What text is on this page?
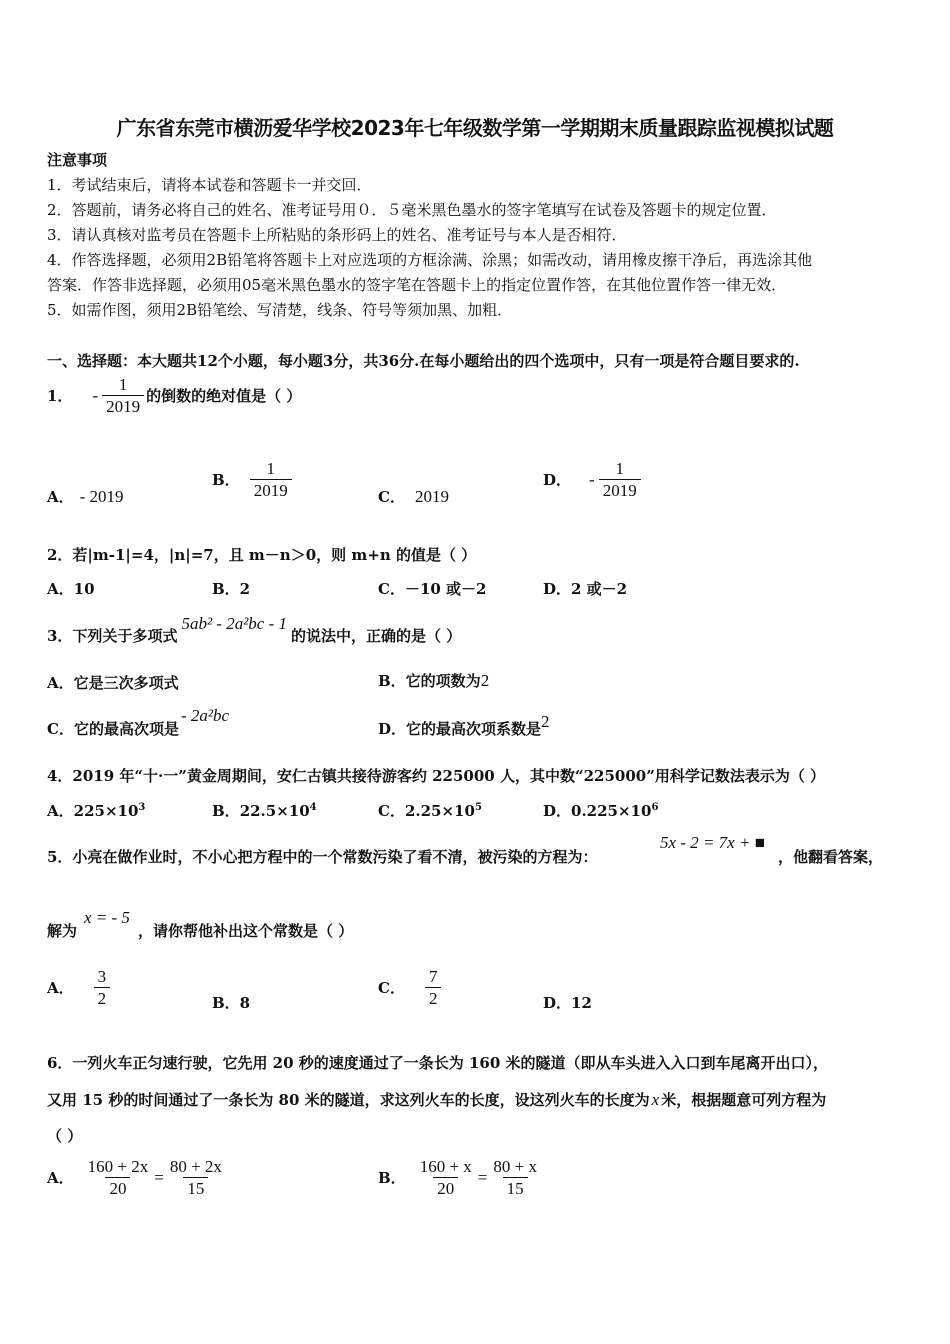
广东省东莞市横沥爱华学校2023年七年级数学第一学期期末质量跟踪监视模拟试题
注意事项
1．考试结束后，请将本试卷和答题卡一并交回．
2．答题前，请务必将自己的姓名、准考证号用０．５毫米黑色墨水的签字笔填写在试卷及答题卡的规定位置．
3．请认真核对监考员在答题卡上所粘贴的条形码上的姓名、准考证号与本人是否相符．
4．作答选择题，必须用2B铅笔将答题卡上对应选项的方框涂满、涂黑；如需改动，请用橡皮擦干净后，再选涂其他
答案．作答非选择题，必须用05毫米黑色墨水的签字笔在答题卡上的指定位置作答，在其他位置作答一律无效．
5．如需作图，须用2B铅笔绘、写清楚，线条、符号等须加黑、加粗．
一、选择题：本大题共12个小题，每小题3分，共36分.在每小题给出的四个选项中，只有一项是符合题目要求的.
1． - $\frac{1}{2019}$ 的倒数的绝对值是（ ）
A． - 2019
B． $\frac{1}{2019}$	C． 2019
D． - $\frac{1}{2019}$
2．若|m-1|=4，|n|=7，且 m－n＞0，则 m+n 的值是（ ）
A．10	B．2	C．－10 或－2	D．2 或－2
3．下列关于多项式
5ab² - 2a²bc - 1
的说法中，正确的是（ ）
A．它是三次多项式	B．它的项数为2
C．它的最高次项是
- 2a²bc
D．它的最高次项系数是 2
4．2019 年“十·一”黄金周期间，安仁古镇共接待游客约 225000 人，其中数“225000”用科学记数法表示为（ ）
A．$225\times 10^3$	B．$22.5\times 10^4$	C．$2.25\times 10^5$	D．$0.225\times 10^6$
5．小亮在做作业时，不小心把方程中的一个常数污染了看不清，被污染的方程为：
5x - 2 = 7x + ■
，他翻看答案，
解为
x = - 5
，请你帮他补出这个常数是（ ）
A． $\frac{3}{2}$	B．8
C． $\frac{7}{2}$	D．12
6．一列火车正匀速行驶，它先用 20 秒的速度通过了一条长为 160 米的隧道（即从车头进入入口到车尾离开出口），
又用 15 秒的时间通过了一条长为 80 米的隧道，求这列火车的长度，设这列火车的长度为 x 米，根据题意可列方程为
（ ）
A． $\frac{160 + 2x}{20} = \frac{80 + 2x}{15}$	B． $\frac{160 + x}{20} = \frac{80 + x}{15}$
